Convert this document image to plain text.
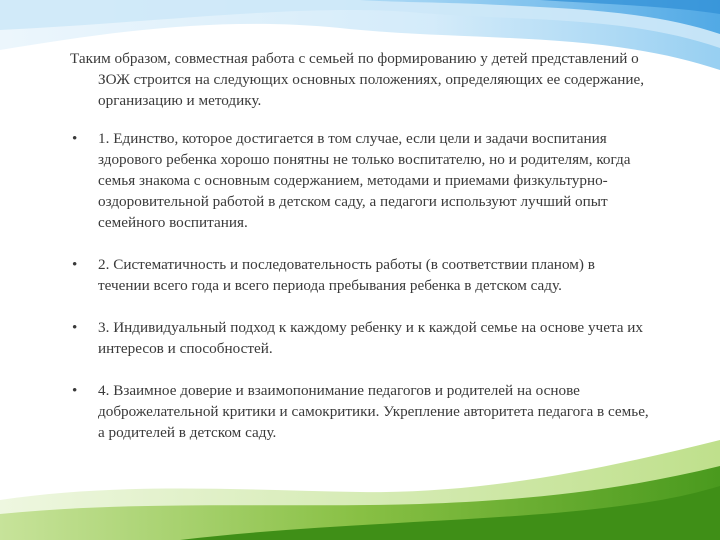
Таким образом, совместная работа с семьей по формированию у детей представлений о ЗОЖ строится на следующих основных положениях, определяющих ее содержание, организацию и методику.

• 1. Единство, которое достигается в том случае, если цели и задачи воспитания здорового ребенка хорошо понятны не только воспитателю, но и родителям, когда семья знакома с основным содержанием, методами и приемами физкультурно-оздоровительной работой в детском саду, а педагоги используют лучший опыт семейного воспитания.
• 2. Систематичность и последовательность работы (в соответствии планом) в течении всего года и всего периода пребывания ребенка в детском саду.
• 3. Индивидуальный подход к каждому ребенку и к каждой семье на основе учета их интересов и способностей.
• 4. Взаимное доверие и взаимопонимание педагогов и родителей на основе доброжелательной критики и самокритики. Укрепление авторитета педагога в семье, а родителей в детском саду.
